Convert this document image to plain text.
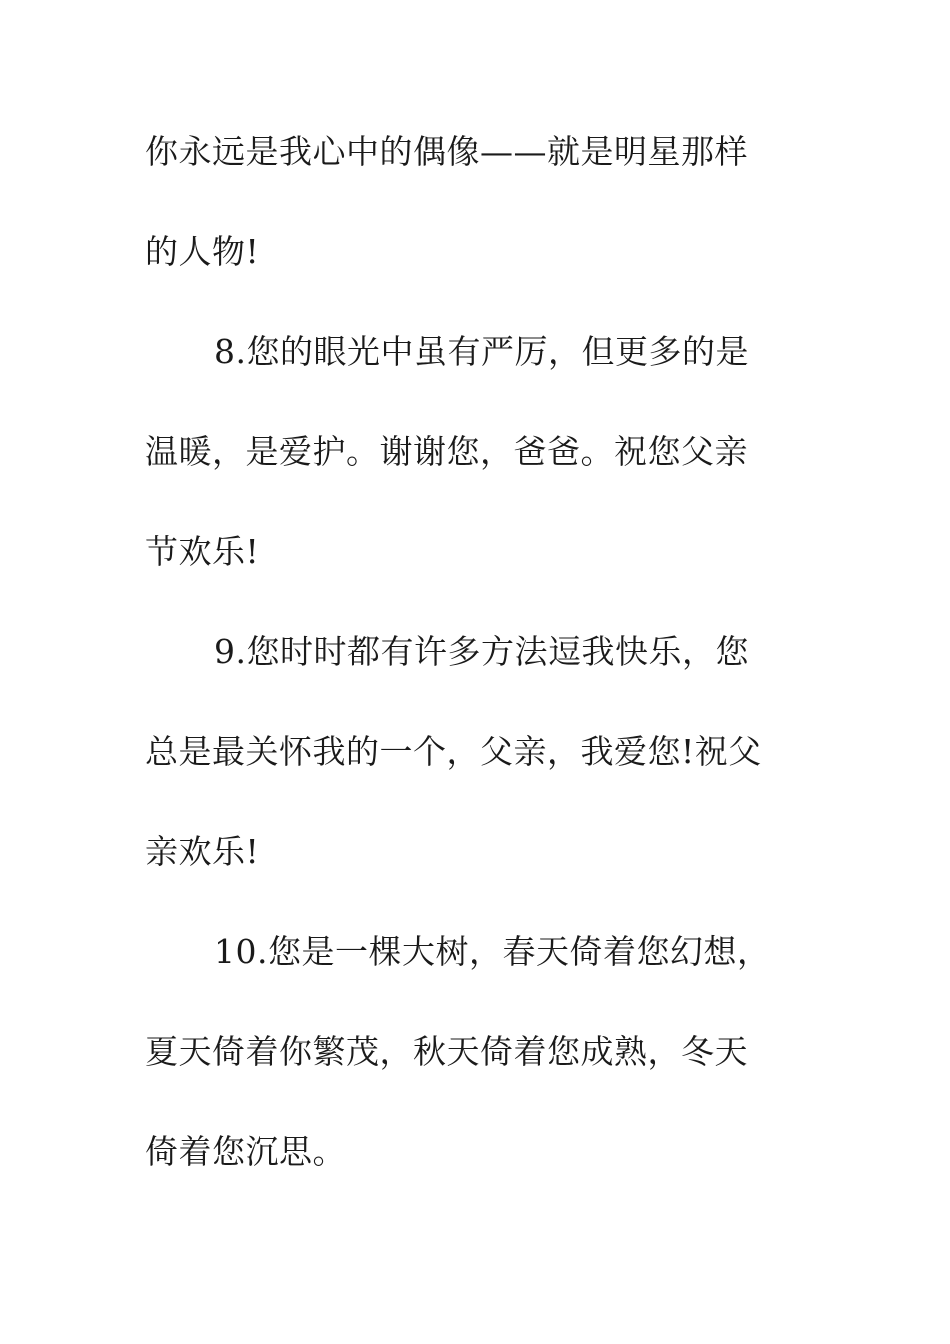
你永远是我心中的偶像——就是明星那样
的人物!
8.您的眼光中虽有严厉，但更多的是
温暖，是爱护。谢谢您，爸爸。祝您父亲
节欢乐!
9.您时时都有许多方法逗我快乐，您
总是最关怀我的一个，父亲，我爱您!祝父
亲欢乐!
10.您是一棵大树，春天倚着您幻想，
夏天倚着你繁茂，秋天倚着您成熟，冬天
倚着您沉思。
